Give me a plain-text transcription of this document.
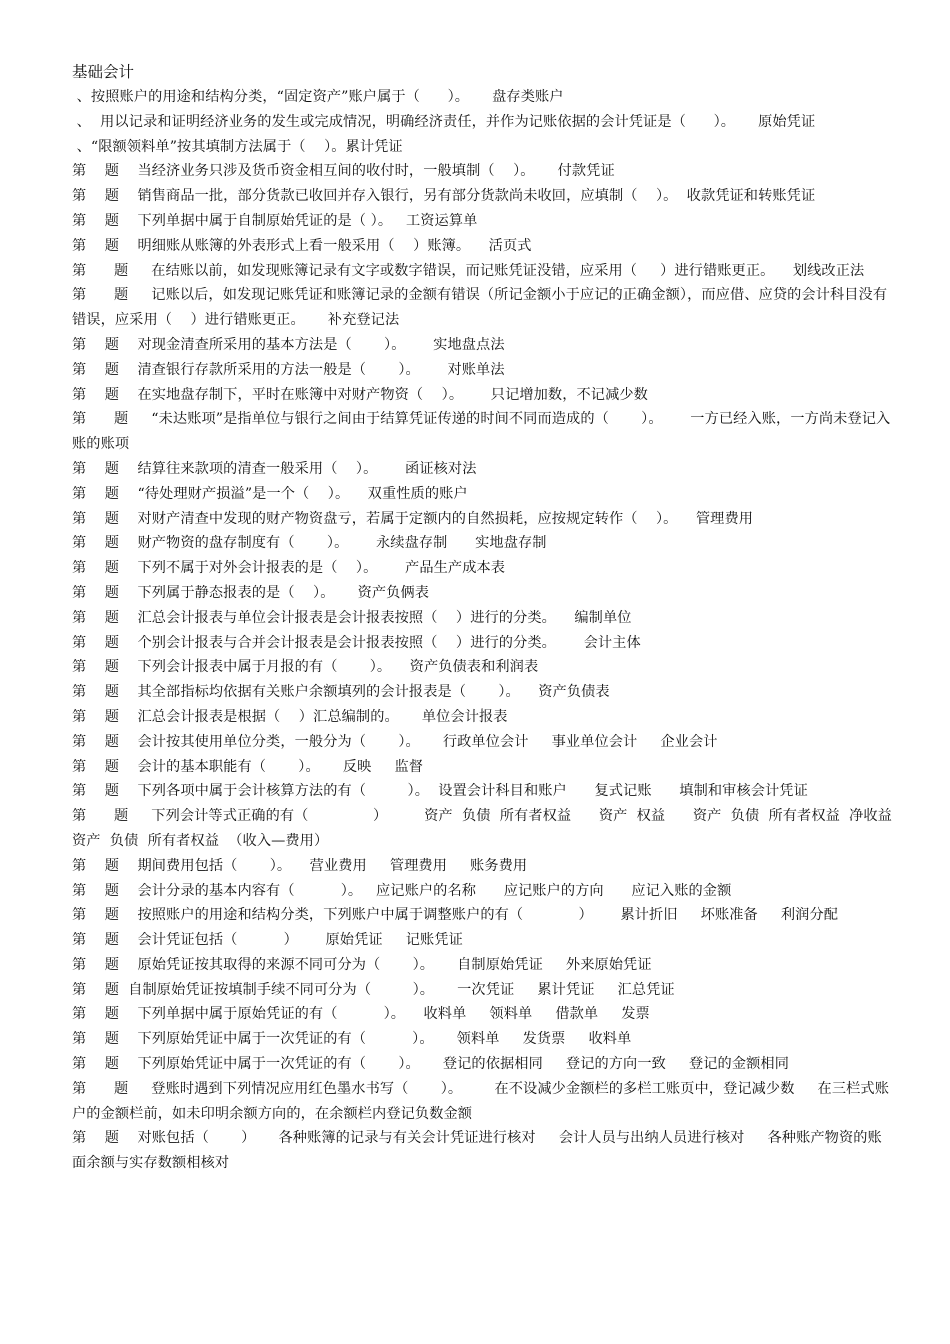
基础会计
、按照账户的用途和结构分类，“固定资产”账户属于（      ）。     盘存类账户
、  用以记录和证明经济业务的发生或完成情况，明确经济责任，并作为记账依据的会计凭证是（      ）。     原始凭证
、“限额领料单”按其填制方法属于（    ）。累计凭证
第    题    当经济业务只涉及货币资金相互间的收付时，一般填制（    ）。     付款凭证
第    题    销售商品一批，部分货款已收回并存入银行，另有部分货款尚未收回，应填制（    ）。  收款凭证和转账凭证
第    题    下列单据中属于自制原始凭证的是（ ）。   工资运算单
第    题    明细账从账簿的外表形式上看一般采用（    ）账簿。    活页式
第      题     在结账以前，如发现账簿记录有文字或数字错误，而记账凭证没错，应采用（     ）进行错账更正。    划线改正法
第      题     记账以后，如发现记账凭证和账簿记录的金额有错误（所记金额小于应记的正确金额），而应借、应贷的会计科目没有错误，应采用（    ）进行错账更正。     补充登记法
第    题    对现金清查所采用的基本方法是（       ）。      实地盘点法
第    题    清查银行存款所采用的方法一般是（       ）。      对账单法
第    题    在实地盘存制下，平时在账簿中对财产物资（    ）。      只记增加数，不记减少数
第      题     “未达账项”是指单位与银行之间由于结算凭证传递的时间不同而造成的（       ）。      一方已经入账，一方尚未登记入账的账项
第    题    结算往来款项的清查一般采用（    ）。      函证核对法
第    题    “待处理财产损溢”是一个（    ）。    双重性质的账户
第    题    对财产清查中发现的财产物资盘亏，若属于定额内的自然损耗，应按规定转作（    ）。    管理费用
第    题    财产物资的盘存制度有（       ）。      永续盘存制      实地盘存制
第    题    下列不属于对外会计报表的是（    ）。      产品生产成本表
第    题    下列属于静态报表的是（    ）。     资产负俩表
第    题    汇总会计报表与单位会计报表是会计报表按照（    ）进行的分类。    编制单位
第    题    个别会计报表与合并会计报表是会计报表按照（    ）进行的分类。      会计主体
第    题    下列会计报表中属于月报的有（       ）。    资产负债表和利润表
第    题    其全部指标均依据有关账户余额填列的会计报表是（       ）。    资产负债表
第    题    汇总会计报表是根据（    ）汇总编制的。     单位会计报表
第    题    会计按其使用单位分类，一般分为（       ）。     行政单位会计     事业单位会计     企业会计
第    题    会计的基本职能有（       ）。     反映     监督
第    题    下列各项中属于会计核算方法的有（         ）。  设置会计科目和账户      复式记账      填制和审核会计凭证
第      题     下列会计等式正确的有（              ）        资产  负债  所有者权益      资产  权益      资产  负债  所有者权益  净收益      资产  负债  所有者权益  （收入—费用）
第    题    期间费用包括（       ）。    营业费用     管理费用     账务费用
第    题    会计分录的基本内容有（          ）。   应记账户的名称      应记账户的方向      应记入账的金额
第    题    按照账户的用途和结构分类，下列账户中属于调整账户的有（            ）      累计折旧     坏账准备     利润分配
第    题    会计凭证包括（          ）      原始凭证     记账凭证
第    题    原始凭证按其取得的来源不同可分为（       ）。     自制原始凭证     外来原始凭证
第    题  自制原始凭证按填制手续不同可分为（         ）。     一次凭证     累计凭证     汇总凭证
第    题    下列单据中属于原始凭证的有（          ）。    收料单     领料单     借款单     发票
第    题    下列原始凭证中属于一次凭证的有（          ）。     领料单     发货票     收料单
第    题    下列原始凭证中属于一次凭证的有（       ）。     登记的依据相同     登记的方向一致     登记的金额相同
第      题     登账时遇到下列情况应用红色墨水书写（       ）。       在不设减少金额栏的多栏工账页中，登记减少数     在三栏式账户的金额栏前，如未印明余额方向的，在余额栏内登记负数金额
第    题    对账包括（       ）     各种账簿的记录与有关会计凭证进行核对     会计人员与出纳人员进行核对     各种账产物资的账面余额与实存数额相核对
